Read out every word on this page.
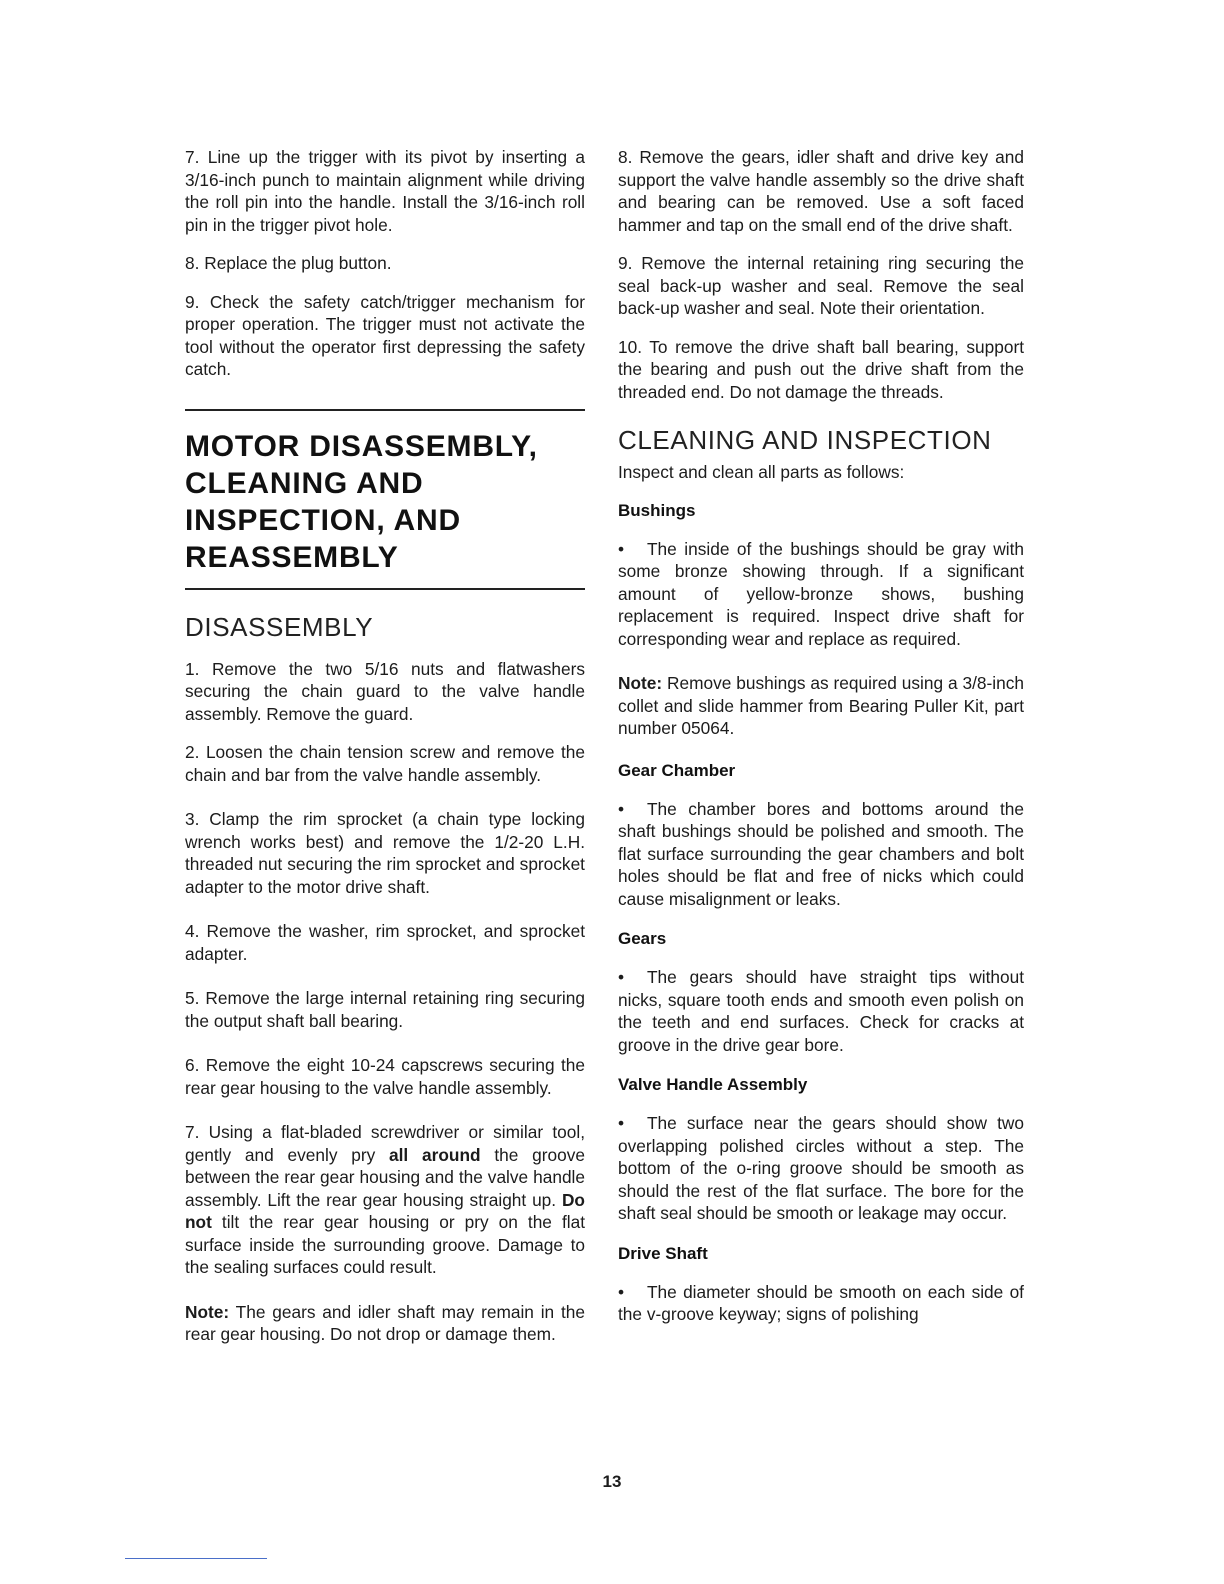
7. Line up the trigger with its pivot by inserting a 3/16-inch punch to maintain alignment while driving the roll pin into the handle. Install the 3/16-inch roll pin in the trigger pivot hole.

8. Replace the plug button.

9. Check the safety catch/trigger mechanism for proper operation. The trigger must not activate the tool without the operator first depressing the safety catch.

MOTOR DISASSEMBLY,
CLEANING AND
INSPECTION, AND
REASSEMBLY
DISASSEMBLY

1. Remove the two 5/16 nuts and flatwashers securing the chain guard to the valve handle assembly. Remove the guard.

2. Loosen the chain tension screw and remove the chain and bar from the valve handle assembly.

3. Clamp the rim sprocket (a chain type locking wrench works best) and remove the 1/2-20 L.H. threaded nut securing the rim sprocket and sprocket adapter to the motor drive shaft.

4. Remove the washer, rim sprocket, and sprocket adapter.

5. Remove the large internal retaining ring securing the output shaft ball bearing.

6. Remove the eight 10-24 capscrews securing the rear gear housing to the valve handle assembly.

7. Using a flat-bladed screwdriver or similar tool, gently and evenly pry all around the groove between the rear gear housing and the valve handle assembly. Lift the rear gear housing straight up. Do not tilt the rear gear housing or pry on the flat surface inside the surrounding groove. Damage to the sealing surfaces could result.

Note: The gears and idler shaft may remain in the rear gear housing. Do not drop or damage them.

8. Remove the gears, idler shaft and drive key and support the valve handle assembly so the drive shaft and bearing can be removed. Use a soft faced hammer and tap on the small end of the drive shaft.

9. Remove the internal retaining ring securing the seal back-up washer and seal. Remove the seal back-up washer and seal. Note their orientation.

10. To remove the drive shaft ball bearing, support the bearing and push out the drive shaft from the threaded end. Do not damage the threads.

CLEANING AND INSPECTION

Inspect and clean all parts as follows:

Bushings

• The inside of the bushings should be gray with some bronze showing through. If a significant amount of yellow-bronze shows, bushing replacement is required. Inspect drive shaft for corresponding wear and replace as required.

Note: Remove bushings as required using a 3/8-inch collet and slide hammer from Bearing Puller Kit, part number 05064.

Gear Chamber

• The chamber bores and bottoms around the shaft bushings should be polished and smooth. The flat surface surrounding the gear chambers and bolt holes should be flat and free of nicks which could cause misalignment or leaks.

Gears

• The gears should have straight tips without nicks, square tooth ends and smooth even polish on the teeth and end surfaces. Check for cracks at groove in the drive gear bore.

Valve Handle Assembly

• The surface near the gears should show two overlapping polished circles without a step. The bottom of the o-ring groove should be smooth as should the rest of the flat surface. The bore for the shaft seal should be smooth or leakage may occur.

Drive Shaft

• The diameter should be smooth on each side of the v-groove keyway; signs of polishing

13
